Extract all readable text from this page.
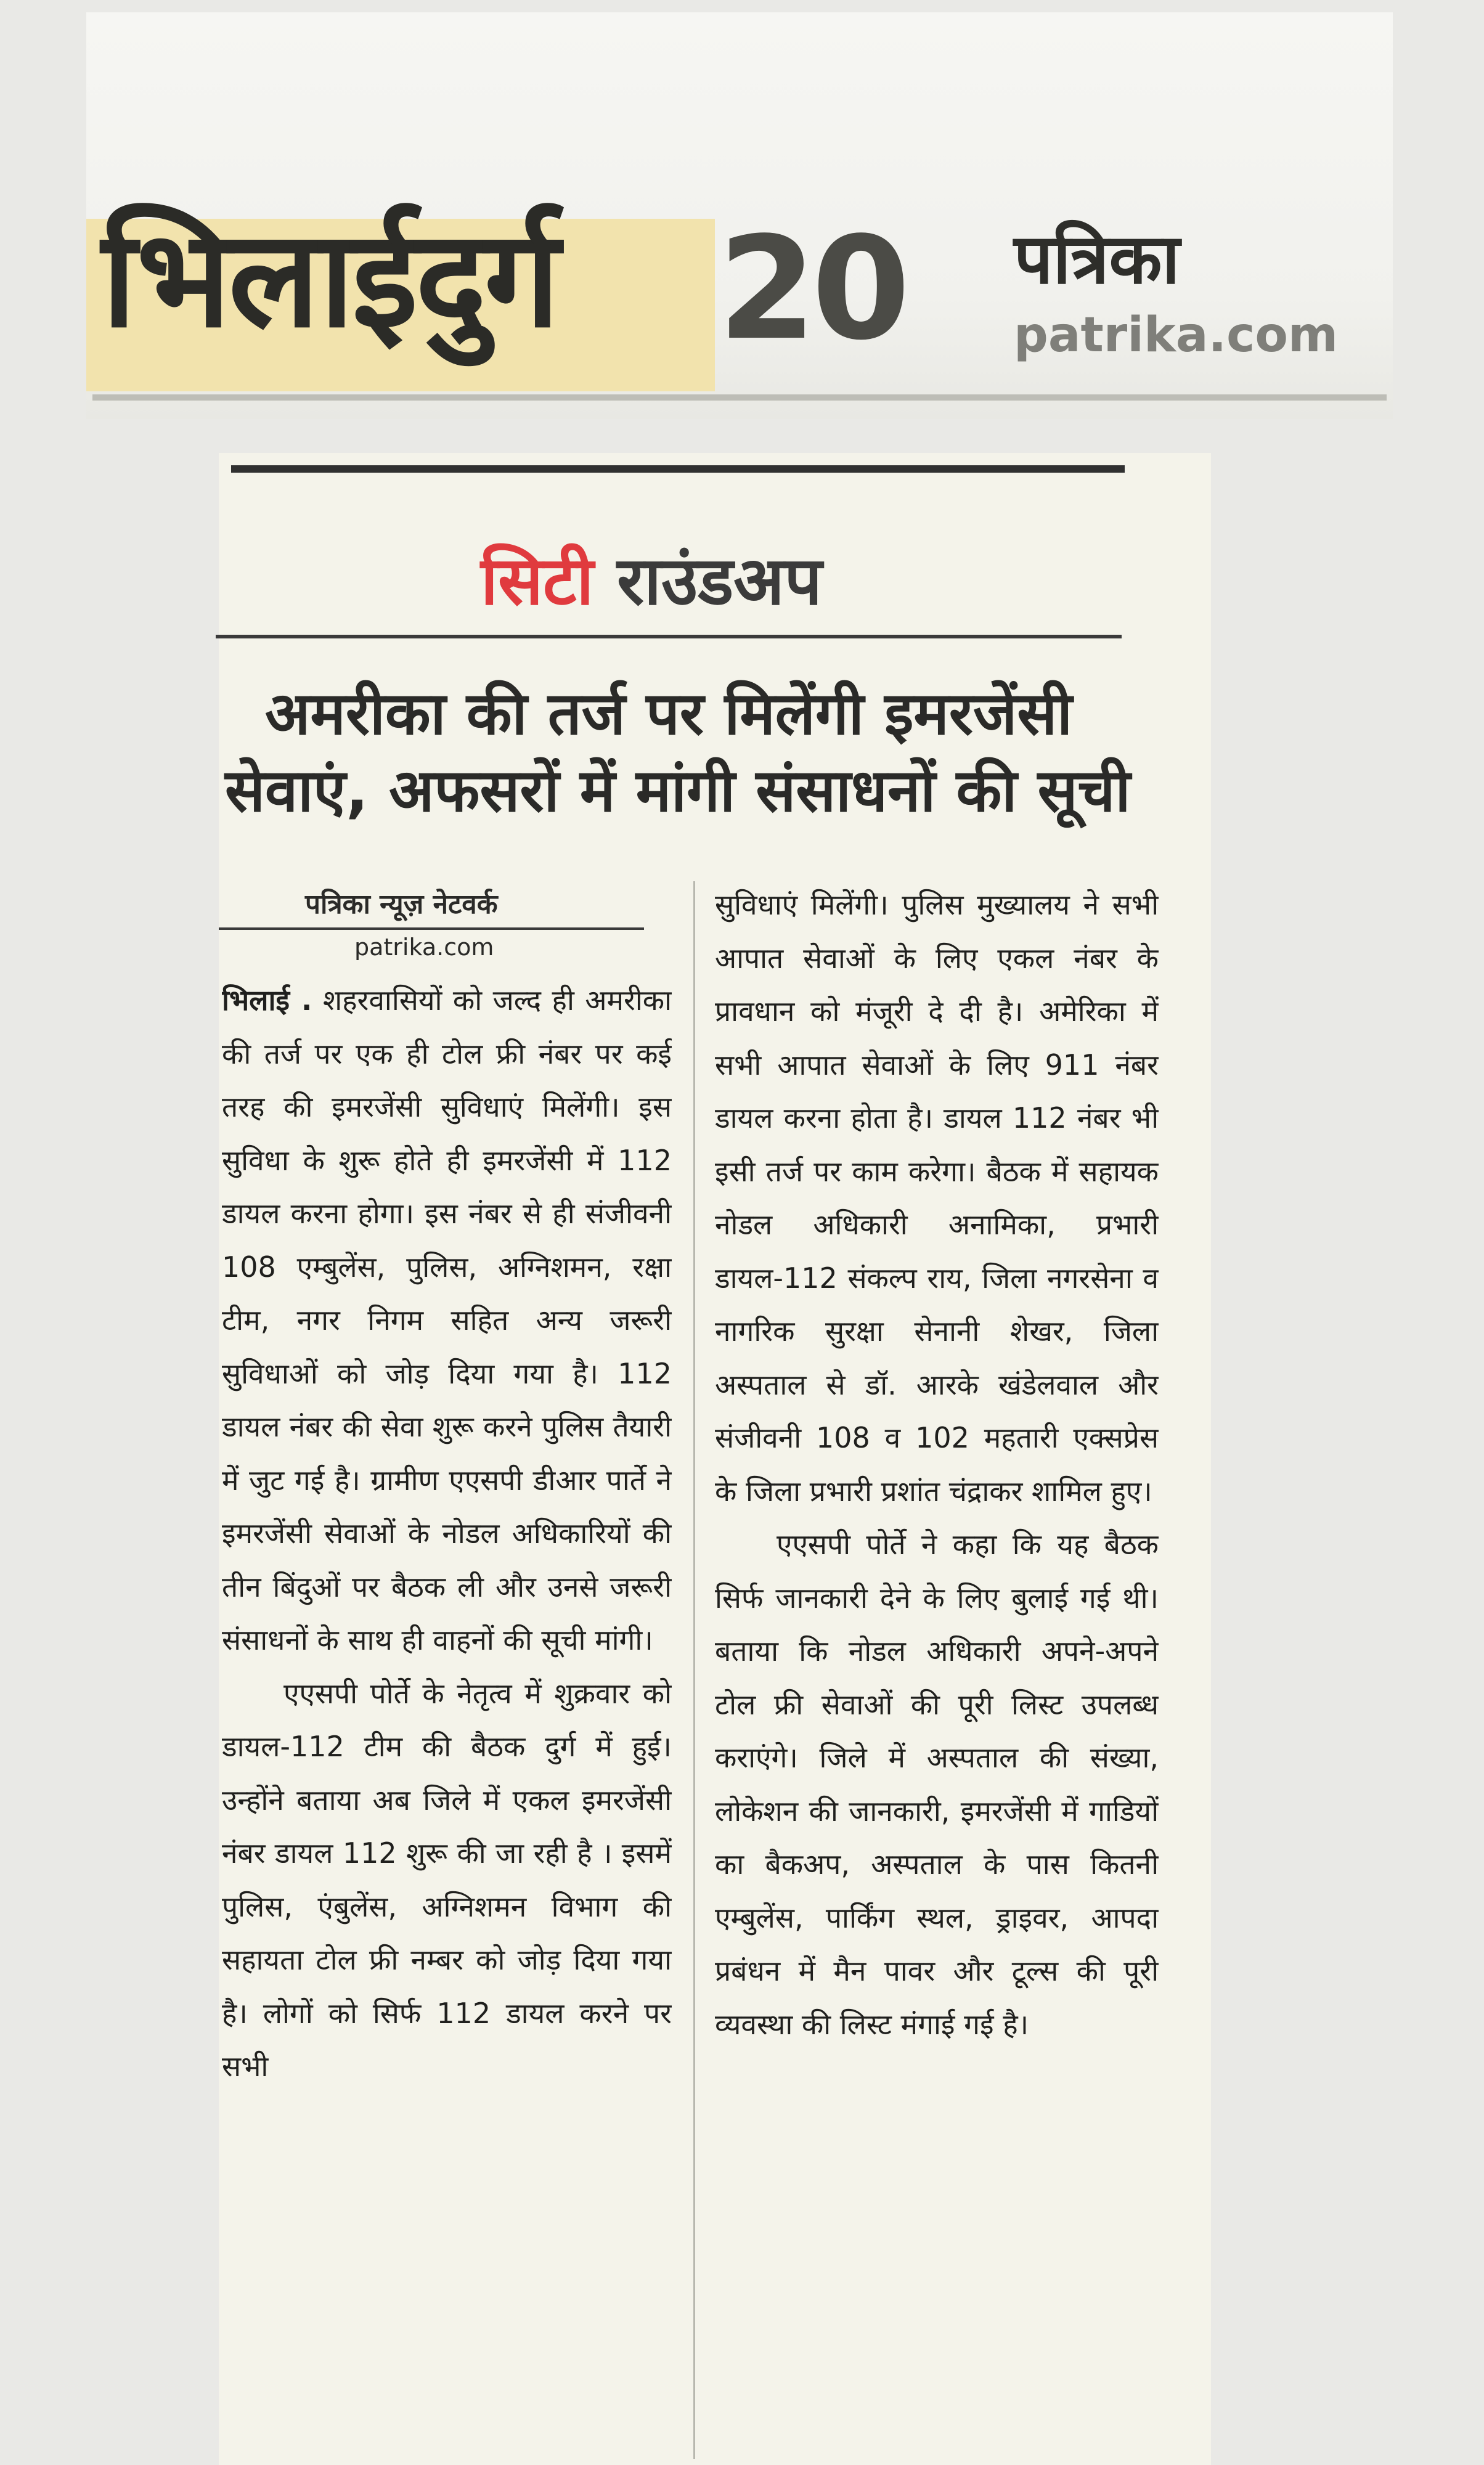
भिलाईदुर्ग 20 पत्रिका
patrika.com
सिटी राउंडअप
अमरीका की तर्ज पर मिलेंगी इमरजेंसी
सेवाएं, अफसरों में मांगी संसाधनों की सूची
पत्रिका न्यूज़ नेटवर्क
patrika.com
भिलाई . शहरवासियों को जल्द ही अमरीका की तर्ज पर एक ही टोल फ्री नंबर पर कई तरह की इमरजेंसी सुविधाएं मिलेंगी। इस सुविधा के शुरू होते ही इमरजेंसी में 112 डायल करना होगा। इस नंबर से ही संजीवनी 108 एम्बुलेंस, पुलिस, अग्निशमन, रक्षा टीम, नगर निगम सहित अन्य जरूरी सुविधाओं को जोड़ दिया गया है। 112 डायल नंबर की सेवा शुरू करने पुलिस तैयारी में जुट गई है। ग्रामीण एएसपी डीआर पार्ते ने इमरजेंसी सेवाओं के नोडल अधिकारियों की तीन बिंदुओं पर बैठक ली और उनसे जरूरी संसाधनों के साथ ही वाहनों की सूची मांगी।
एएसपी पोर्ते के नेतृत्व में शुक्रवार को डायल-112 टीम की बैठक दुर्ग में हुई। उन्होंने बताया अब जिले में एकल इमरजेंसी नंबर डायल 112 शुरू की जा रही है । इसमें पुलिस, एंबुलेंस, अग्निशमन विभाग की सहायता टोल फ्री नम्बर को जोड़ दिया गया है। लोगों को सिर्फ 112 डायल करने पर सभी
सुविधाएं मिलेंगी। पुलिस मुख्यालय ने सभी आपात सेवाओं के लिए एकल नंबर के प्रावधान को मंजूरी दे दी है। अमेरिका में सभी आपात सेवाओं के लिए 911 नंबर डायल करना होता है। डायल 112 नंबर भी इसी तर्ज पर काम करेगा। बैठक में सहायक नोडल अधिकारी अनामिका, प्रभारी डायल-112 संकल्प राय, जिला नगरसेना व नागरिक सुरक्षा सेनानी शेखर, जिला अस्पताल से डॉ. आरके खंडेलवाल और संजीवनी 108 व 102 महतारी एक्सप्रेस के जिला प्रभारी प्रशांत चंद्राकर शामिल हुए।
एएसपी पोर्ते ने कहा कि यह बैठक सिर्फ जानकारी देने के लिए बुलाई गई थी। बताया कि नोडल अधिकारी अपने-अपने टोल फ्री सेवाओं की पूरी लिस्ट उपलब्ध कराएंगे। जिले में अस्पताल की संख्या, लोकेशन की जानकारी, इमरजेंसी में गाडियों का बैकअप, अस्पताल के पास कितनी एम्बुलेंस, पार्किंग स्थल, ड्राइवर, आपदा प्रबंधन में मैन पावर और टूल्स की पूरी व्यवस्था की लिस्ट मंगाई गई है।
